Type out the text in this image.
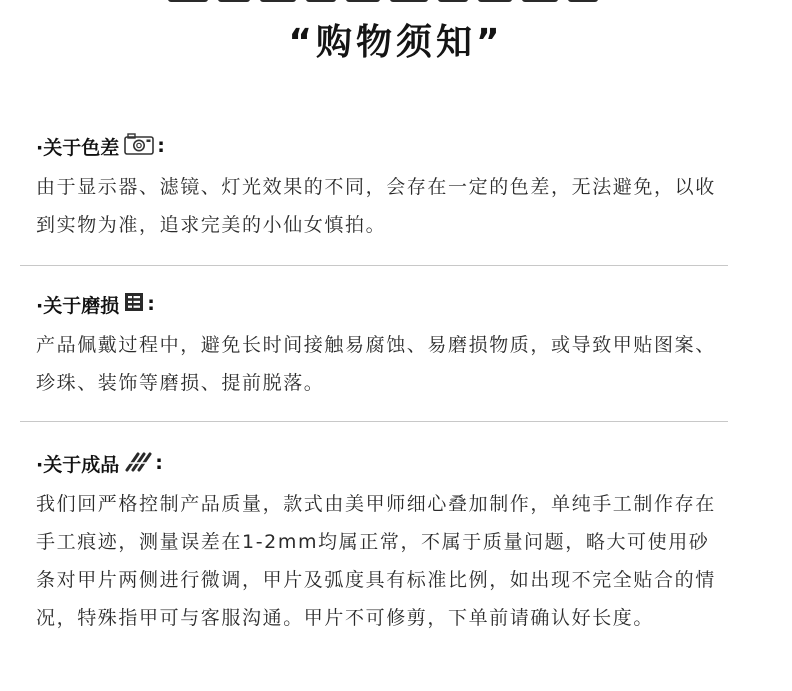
“购物须知”
·关于色差 :
由于显示器、滤镜、灯光效果的不同，会存在一定的色差，无法避免，以收到实物为准，追求完美的小仙女慎拍。
·关于磨损 :
产品佩戴过程中，避免长时间接触易腐蚀、易磨损物质，或导致甲贴图案、珍珠、装饰等磨损、提前脱落。
·关于成品 :
我们回严格控制产品质量，款式由美甲师细心叠加制作，单纯手工制作存在手工痕迹，测量误差在1-2mm均属正常，不属于质量问题，略大可使用砂条对甲片两侧进行微调，甲片及弧度具有标准比例，如出现不完全贴合的情况，特殊指甲可与客服沟通。甲片不可修剪，下单前请确认好长度。
